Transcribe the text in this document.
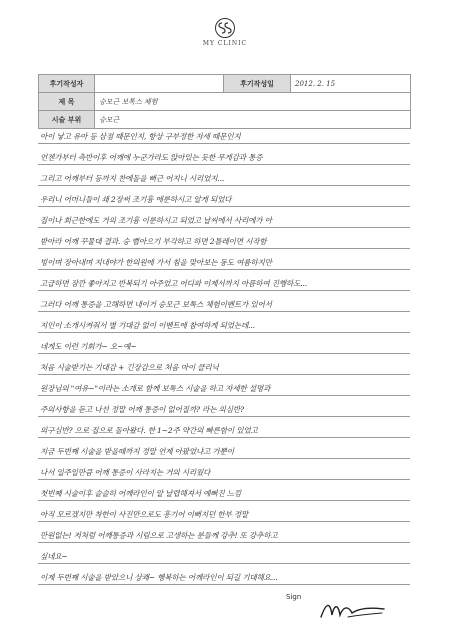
MY CLINIC
후기작성자		후기작성일	2012. 2. 15
제 목	승모근 보톡스 체험		
시술 부위	승모근		
아이 낳고 유아 등 삼점 때문인지, 항상 구부정한 자세 때문인지
언젠가부터 측반이후 어깨에 누군가라도 앉아있는 듯한 무게감과 통증
그리고 어깨부터 등까지 찬에돌을 뻐근 어지니 시리었지...
우리니 어머니들이 쇄 2장써 조기흉 에룬하시고 알게 되었다
집이나 회근한에도 거의 조기흉 이룬하시고 되었고 날씨에서 사리에가 아
받아라 어깨 꾸물대 결과. 승 뻡아으기 부각하고 하면 2틀레이면 시작함
빙이며 장아내며 지내야가 한의원에 가서 침을 맞아보는 동도 여름하지만
고급하면 잠깐 좋아지고 반복되기 아주었고 어디파 이제서까지 아픔하여 진행하도...
그러다 어깨 통증을 고해하면 내이거 승모근 보톡스 체험이벤트가 있어서
지인이 소개시켜줘서 별 기대감 없이 이벤트에 참여하게 되었는데...
네게도 이런 기회가~ 오~예~
처음 시술받기는 기대감 + 긴장감으로 처음 마이 클리닉
원장님의 "여유~"이라는 소개로 함께 보톡스 시술을 하고 자세한 설명과
주의사항을 듣고 나선 정말 어깨 통증이 없어질까? 라는 의심반?
의구심반? 으로 집으로 돌아왔다. 한 1~2주 약간의 빠른함이 있었고
지금 두번째 시술을 받을때까지 정말 언제 아팠었냐고 가뿐이
나서 일주일만큼 어깨 통증이 사라지는 거의 시리웠다
첫번째 시술이후 슬슬히 어깨라인이 알 날렵해져서 예뻐진 느낌
아직 모르겠지만 착한이 사진만으로도 흥기어 이뻐지던 한부 정말
만원없는! 저처럼 어깨통증과 시림으로 고생하는 분들께 강추! 또 강추하고
싶네요~
이제 두번째 시술을 받았으니 상쾌~ 행복하는 어깨라인이 되길 기대해요...
Sign
